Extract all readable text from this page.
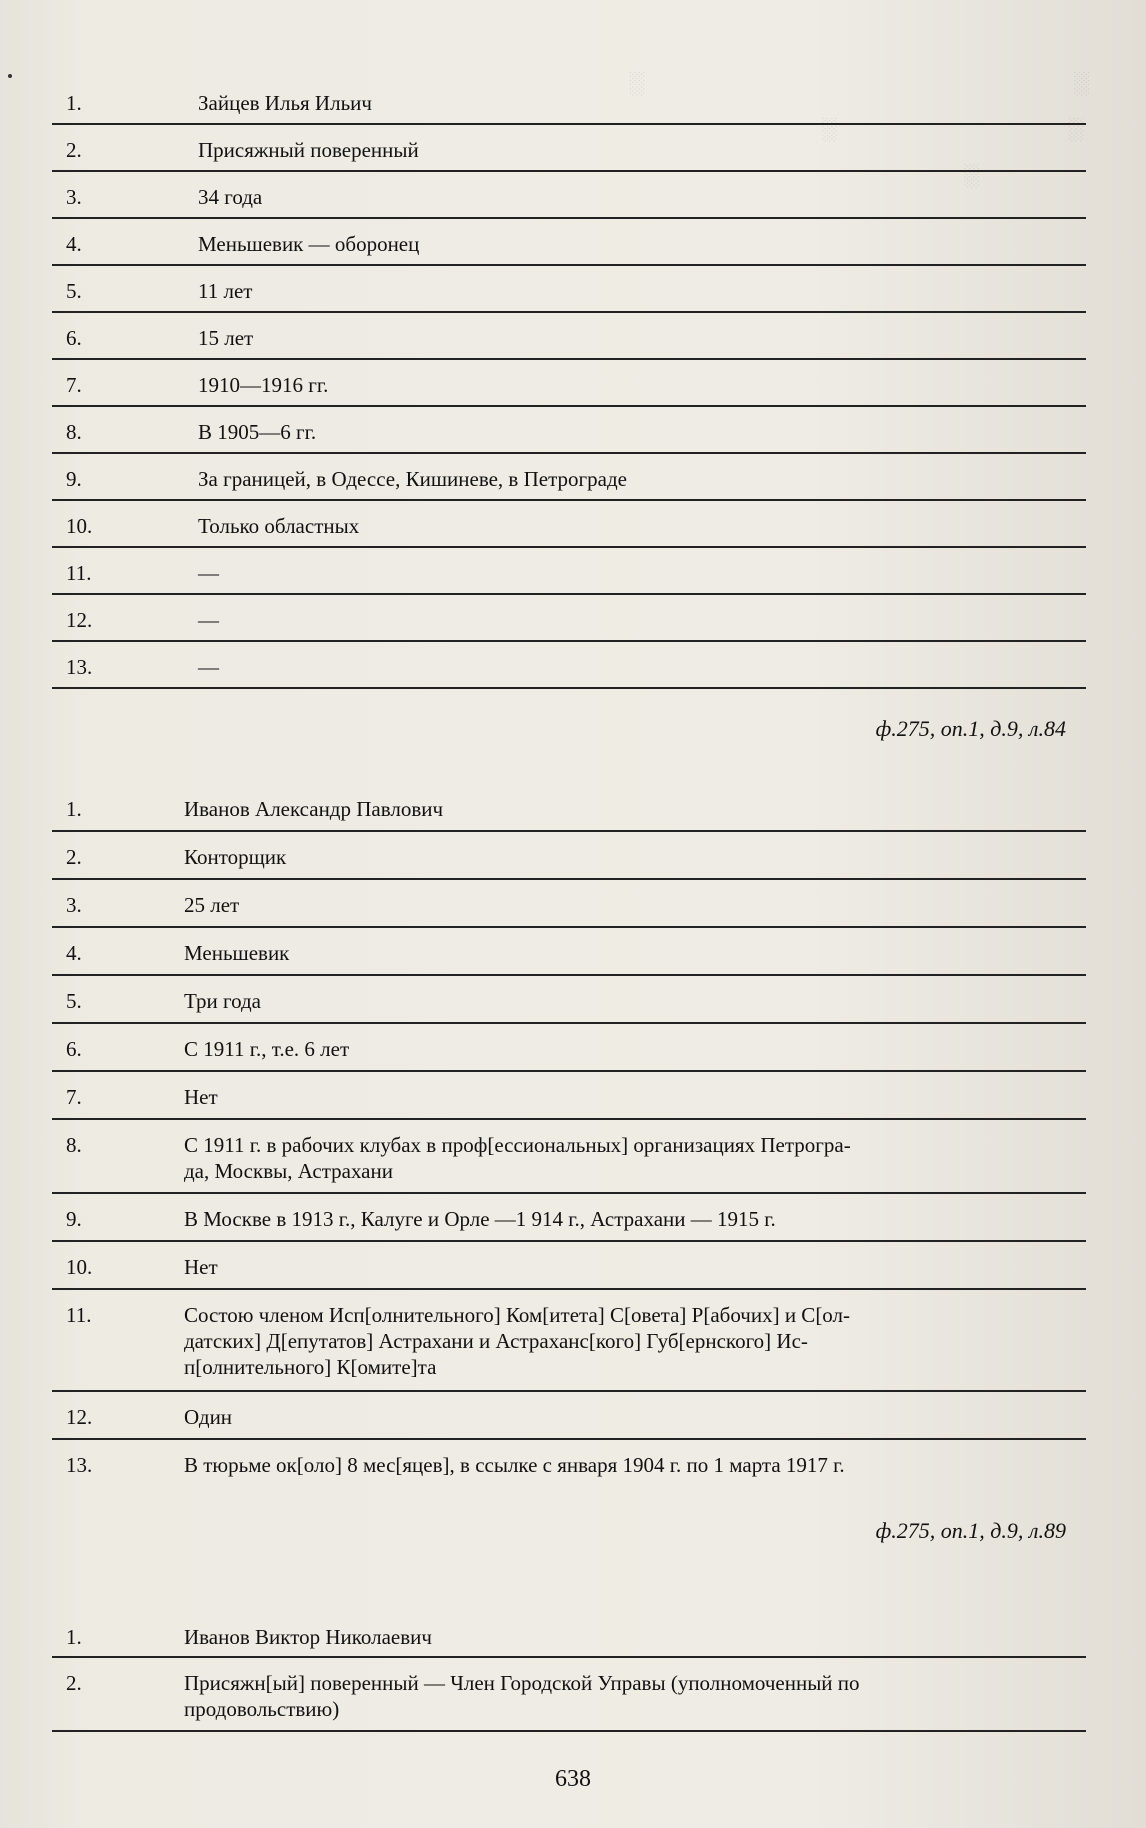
░                                                                              ░
░                                          ░
░

1.	Зайцев Илья Ильич
2.	Присяжный поверенный
3.	34 года
4.	Меньшевик — оборонец
5.	11 лет
6.	15 лет
7.	1910—1916 гг.
8.	В 1905—6 гг.
9.	За границей, в Одессе, Кишиневе, в Петрограде
10.	Только областных
11.	—
12.	—
13.	—
ф.275, оп.1, д.9, л.84
1.	Иванов Александр Павлович
2.	Конторщик
3.	25 лет
4.	Меньшевик
5.	Три года
6.	С 1911 г., т.е. 6 лет
7.	Нет
8.	С 1911 г. в рабочих клубах в проф[ессиональных] организациях Петрогра-
да, Москвы, Астрахани
9.	В Москве в 1913 г., Калуге и Орле —1 914 г., Астрахани — 1915 г.
10.	Нет
11.	Состою членом Исп[олнительного] Ком[итета] С[овета] Р[абочих] и С[ол-
датских] Д[епутатов] Астрахани и Астраханс[кого] Губ[ернского] Ис-
п[олнительного] К[омите]та
12.	Один
13.	В тюрьме ок[оло] 8 мес[яцев], в ссылке с января 1904 г. по 1 марта 1917 г.
ф.275, оп.1, д.9, л.89
1.	Иванов Виктор Николаевич
2.	Присяжн[ый] поверенный — Член Городской Управы (уполномоченный по
продовольствию)
638
